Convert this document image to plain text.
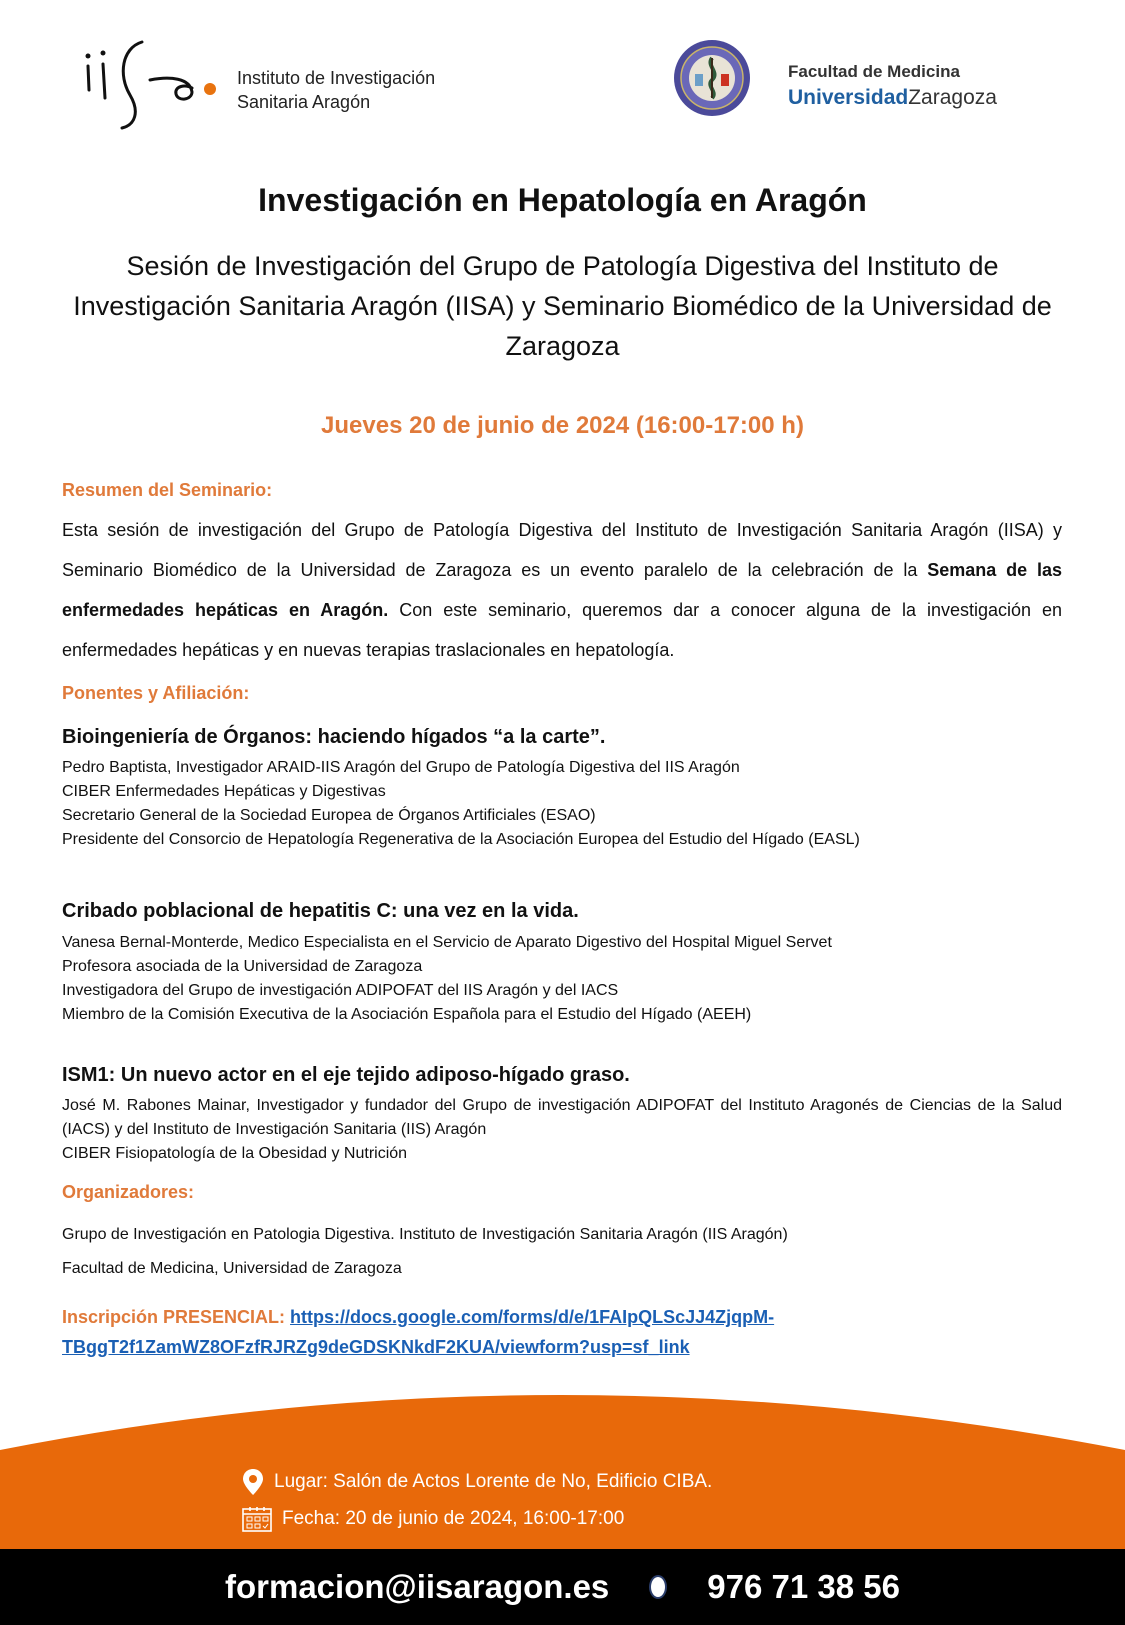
Instituto de Investigación
Sanitaria Aragón
Facultad de Medicina
UniversidadZaragoza
Investigación en Hepatología en Aragón
Sesión de Investigación del Grupo de Patología Digestiva del Instituto de Investigación Sanitaria Aragón (IISA) y Seminario Biomédico de la Universidad de Zaragoza
Jueves 20 de junio de 2024 (16:00-17:00 h)
Resumen del Seminario:
Esta sesión de investigación del Grupo de Patología Digestiva del Instituto de Investigación Sanitaria Aragón (IISA) y Seminario Biomédico de la Universidad de Zaragoza es un evento paralelo de la celebración de la Semana de las enfermedades hepáticas en Aragón. Con este seminario, queremos dar a conocer alguna de la investigación en enfermedades hepáticas y en nuevas terapias traslacionales en hepatología.
Ponentes y Afiliación:
Bioingeniería de Órganos: haciendo hígados “a la carte”.
Pedro Baptista, Investigador ARAID-IIS Aragón del Grupo de Patología Digestiva del IIS Aragón
CIBER Enfermedades Hepáticas y Digestivas
Secretario General de la Sociedad Europea de Órganos Artificiales (ESAO)
Presidente del Consorcio de Hepatología Regenerativa de la Asociación Europea del Estudio del Hígado (EASL)
Cribado poblacional de hepatitis C: una vez en la vida.
Vanesa Bernal-Monterde, Medico Especialista en el Servicio de Aparato Digestivo del Hospital Miguel Servet
Profesora asociada de la Universidad de Zaragoza
Investigadora del Grupo de investigación ADIPOFAT del IIS Aragón y del IACS
Miembro de la Comisión Executiva de la Asociación Española para el Estudio del Hígado (AEEH)
ISM1: Un nuevo actor en el eje tejido adiposo-hígado graso.
José M. Rabones Mainar, Investigador y fundador del Grupo de investigación ADIPOFAT del Instituto Aragonés de Ciencias de la Salud (IACS) y del Instituto de Investigación Sanitaria (IIS) Aragón
CIBER Fisiopatología de la Obesidad y Nutrición
Organizadores:
Grupo de Investigación en Patologia Digestiva. Instituto de Investigación Sanitaria Aragón (IIS Aragón)
Facultad de Medicina, Universidad de Zaragoza
Inscripción PRESENCIAL: https://docs.google.com/forms/d/e/1FAIpQLScJJ4ZjqpM-TBggT2f1ZamWZ8OFzfRJRZg9deGDSKNkdF2KUA/viewform?usp=sf_link
Lugar: Salón de Actos Lorente de No, Edificio CIBA.
Fecha: 20 de junio de 2024, 16:00-17:00
formacion@iisaragon.es	976 71 38 56
